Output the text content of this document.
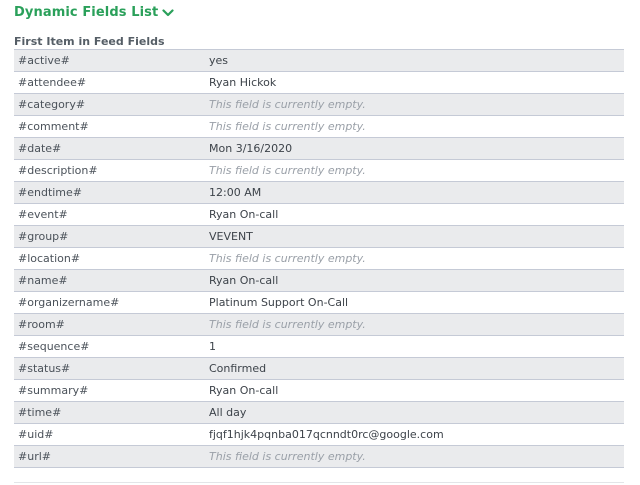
Dynamic Fields List
First Item in Feed Fields
#active#	yes
#attendee#	Ryan Hickok
#category#	This field is currently empty.
#comment#	This field is currently empty.
#date#	Mon 3/16/2020
#description#	This field is currently empty.
#endtime#	12:00 AM
#event#	Ryan On-call
#group#	VEVENT
#location#	This field is currently empty.
#name#	Ryan On-call
#organizername#	Platinum Support On-Call
#room#	This field is currently empty.
#sequence#	1
#status#	Confirmed
#summary#	Ryan On-call
#time#	All day
#uid#	fjqf1hjk4pqnba017qcnndt0rc@google.com
#url#	This field is currently empty.
